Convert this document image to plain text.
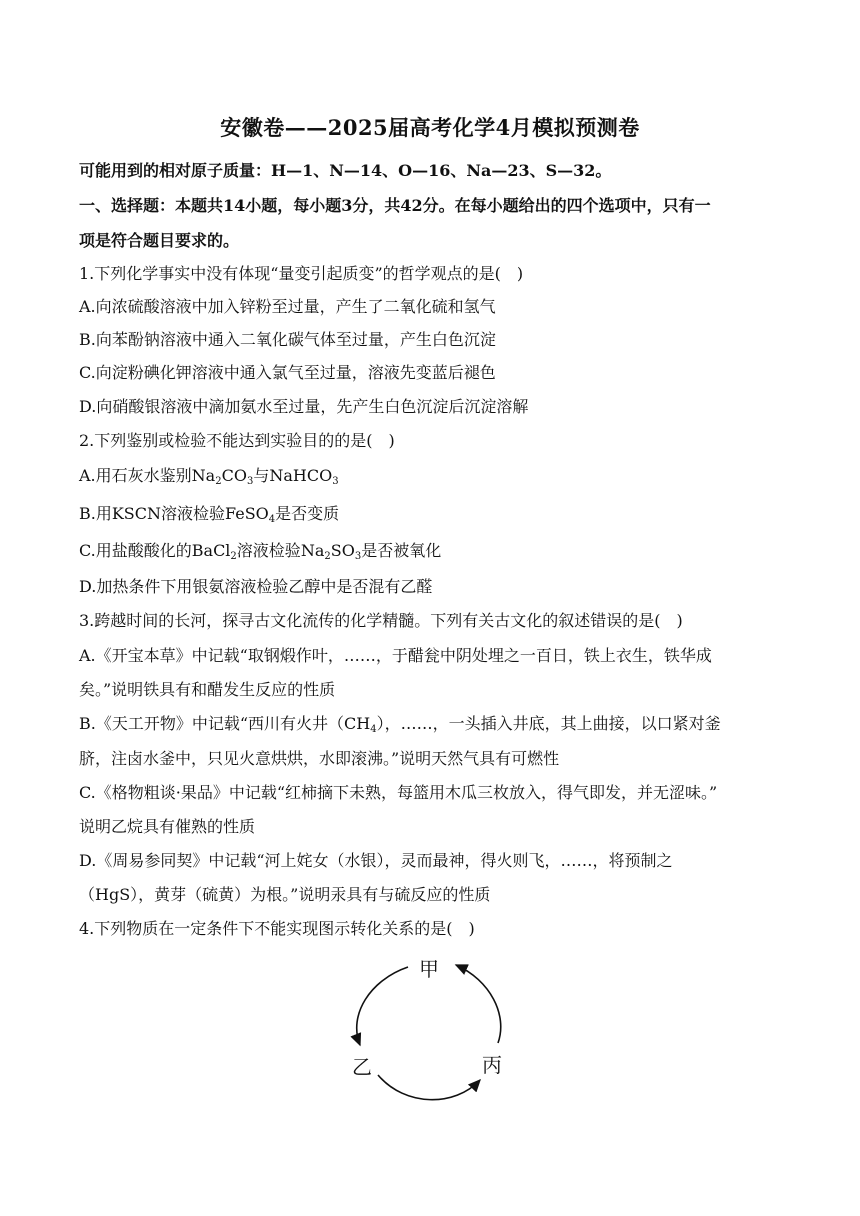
安徽卷——2025届高考化学4月模拟预测卷
可能用到的相对原子质量：H—1、N—14、O—16、Na—23、S—32。
一、选择题：本题共14小题，每小题3分，共42分。在每小题给出的四个选项中，只有一
项是符合题目要求的。
1.下列化学事实中没有体现“量变引起质变”的哲学观点的是(　)
A.向浓硫酸溶液中加入锌粉至过量，产生了二氧化硫和氢气
B.向苯酚钠溶液中通入二氧化碳气体至过量，产生白色沉淀
C.向淀粉碘化钾溶液中通入氯气至过量，溶液先变蓝后褪色
D.向硝酸银溶液中滴加氨水至过量，先产生白色沉淀后沉淀溶解
2.下列鉴别或检验不能达到实验目的的是(　)
A.用石灰水鉴别$Na_2CO_3$与NaHCO$_3$
B.用KSCN溶液检验FeSO$_4$是否变质
C.用盐酸酸化的BaCl$_2$溶液检验$Na_2SO_3$是否被氧化
D.加热条件下用银氨溶液检验乙醇中是否混有乙醛
3.跨越时间的长河，探寻古文化流传的化学精髓。下列有关古文化的叙述错误的是(　)
A.《开宝本草》中记载“取钢煅作叶，……，于醋瓮中阴处埋之一百日，铁上衣生，铁华成
矣。”说明铁具有和醋发生反应的性质
B.《天工开物》中记载“西川有火井$(CH_4)$，……，一头插入井底，其上曲接，以口紧对釜
脐，注卤水釜中，只见火意烘烘，水即滚沸。”说明天然气具有可燃性
C.《格物粗谈·果品》中记载“红柿摘下未熟，每篮用木瓜三枚放入，得气即发，并无涩味。”
说明乙烷具有催熟的性质
D.《周易参同契》中记载“河上姹女（水银），灵而最神，得火则飞，……，将预制之
（HgS），黄芽（硫黄）为根。”说明汞具有与硫反应的性质
4.下列物质在一定条件下不能实现图示转化关系的是(　)
甲
乙	丙
